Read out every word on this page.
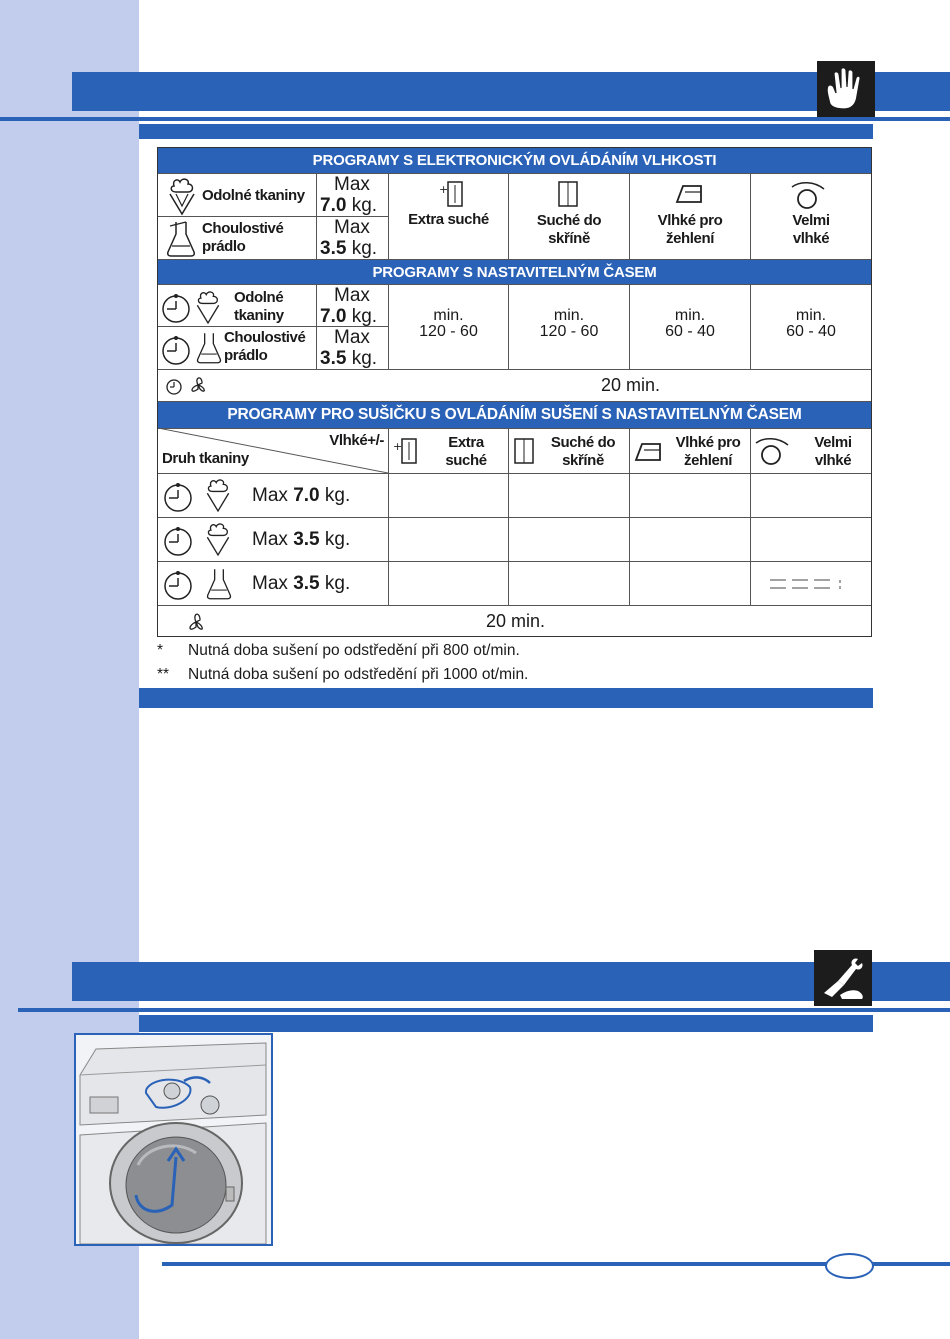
PROGRAMY S ELEKTRONICKÝM OVLÁDÁNÍM VLHKOSTI
Odolné tkaniny
Max
7.0 kg.
Choulostivé
prádlo
Max
3.5 kg.
+
Extra suché	Suché do
skříně
Vlhké pro
žehlení
Velmi
vlhké
PROGRAMY S NASTAVITELNÝM ČASEM
Odolné
tkaniny
Max
7.0 kg.
Choulostivé
prádlo
Max
3.5 kg.
min.
120 - 60
min.
120 - 60
min.
60 - 40
min.
60 - 40
20 min.
PROGRAMY PRO SUŠIČKU S OVLÁDÁNÍM SUŠENÍ S NASTAVITELNÝM ČASEM
Vlhké+/-
Druh tkaniny
+	Extra
suché
Suché do
skříně
Vlhké pro
žehlení
Velmi
vlhké
Max
7.0
kg.
Max
3.5
kg.
Max
3.5
kg.
20 min.
* Nutná doba sušení po odstředění při 800 ot/min.
** Nutná doba sušení po odstředění při 1000 ot/min.
